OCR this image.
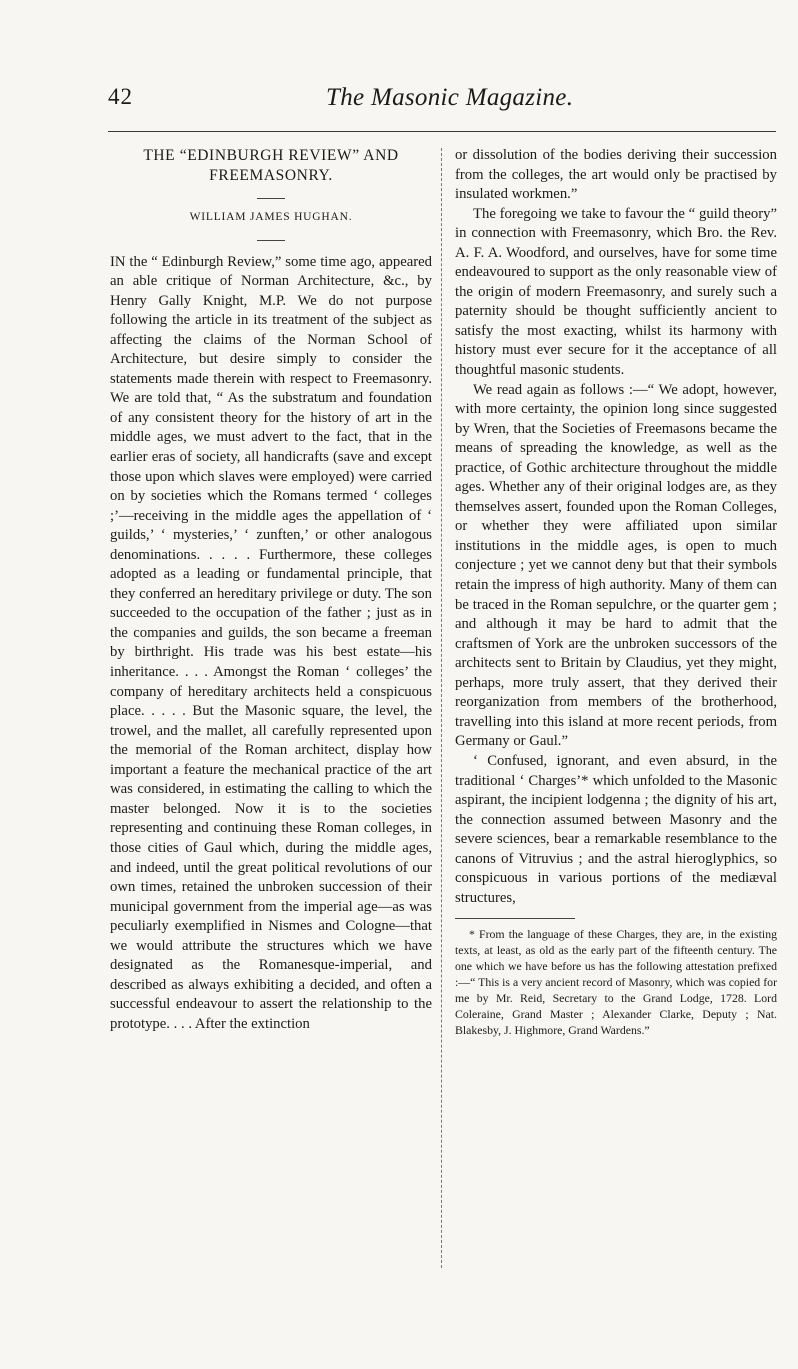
42	The Masonic Magazine.
THE “EDINBURGH REVIEW” AND
FREEMASONRY.
WILLIAM JAMES HUGHAN.

IN the “ Edinburgh Review,” some time ago, appeared an able critique of Norman Architecture, &c., by Henry Gally Knight, M.P. We do not purpose following the article in its treatment of the subject as affecting the claims of the Norman School of Architecture, but desire simply to consider the statements made therein with respect to Freemasonry. We are told that, “ As the substratum and foundation of any consistent theory for the history of art in the middle ages, we must advert to the fact, that in the earlier eras of society, all handicrafts (save and except those upon which slaves were employed) were carried on by societies which the Romans termed ‘ colleges ;’—receiving in the middle ages the appellation of ‘ guilds,’ ‘ mysteries,’ ‘ zunften,’ or other analogous denominations. . . . . Furthermore, these colleges adopted as a leading or fundamental principle, that they conferred an hereditary privilege or duty. The son succeeded to the occupation of the father ; just as in the companies and guilds, the son became a freeman by birthright. His trade was his best estate—his inheritance. . . . Amongst the Roman ‘ colleges’ the company of hereditary architects held a conspicuous place. . . . . But the Masonic square, the level, the trowel, and the mallet, all carefully represented upon the memorial of the Roman architect, display how important a feature the mechanical practice of the art was considered, in estimating the calling to which the master belonged. Now it is to the societies representing and continuing these Roman colleges, in those cities of Gaul which, during the middle ages, and indeed, until the great political revolutions of our own times, retained the unbroken succession of their municipal government from the imperial age—as was peculiarly exemplified in Nismes and Cologne—that we would attribute the structures which we have designated as the Romanesque-imperial, and described as always exhibiting a decided, and often a successful endeavour to assert the relationship to the prototype. . . . After the extinction

or dissolution of the bodies deriving their succession from the colleges, the art would only be practised by insulated workmen.”

The foregoing we take to favour the “ guild theory” in connection with Freemasonry, which Bro. the Rev. A. F. A. Woodford, and ourselves, have for some time endeavoured to support as the only reasonable view of the origin of modern Freemasonry, and surely such a paternity should be thought sufficiently ancient to satisfy the most exacting, whilst its harmony with history must ever secure for it the acceptance of all thoughtful masonic students.

We read again as follows :—“ We adopt, however, with more certainty, the opinion long since suggested by Wren, that the Societies of Freemasons became the means of spreading the knowledge, as well as the practice, of Gothic architecture throughout the middle ages. Whether any of their original lodges are, as they themselves assert, founded upon the Roman Colleges, or whether they were affiliated upon similar institutions in the middle ages, is open to much conjecture ; yet we cannot deny but that their symbols retain the impress of high authority. Many of them can be traced in the Roman sepulchre, or the quarter gem ; and although it may be hard to admit that the craftsmen of York are the unbroken successors of the architects sent to Britain by Claudius, yet they might, perhaps, more truly assert, that they derived their reorganization from members of the brotherhood, travelling into this island at more recent periods, from Germany or Gaul.”

‘ Confused, ignorant, and even absurd, in the traditional ‘ Charges’* which unfolded to the Masonic aspirant, the incipient lodgenna ; the dignity of his art, the connection assumed between Masonry and the severe sciences, bear a remarkable resemblance to the canons of Vitruvius ; and the astral hieroglyphics, so conspicuous in various portions of the mediæval structures,

* From the language of these Charges, they are, in the existing texts, at least, as old as the early part of the fifteenth century. The one which we have before us has the following attestation prefixed :—“ This is a very ancient record of Masonry, which was copied for me by Mr. Reid, Secretary to the Grand Lodge, 1728. Lord Coleraine, Grand Master ; Alexander Clarke, Deputy ; Nat. Blakesby, J. Highmore, Grand Wardens.”
